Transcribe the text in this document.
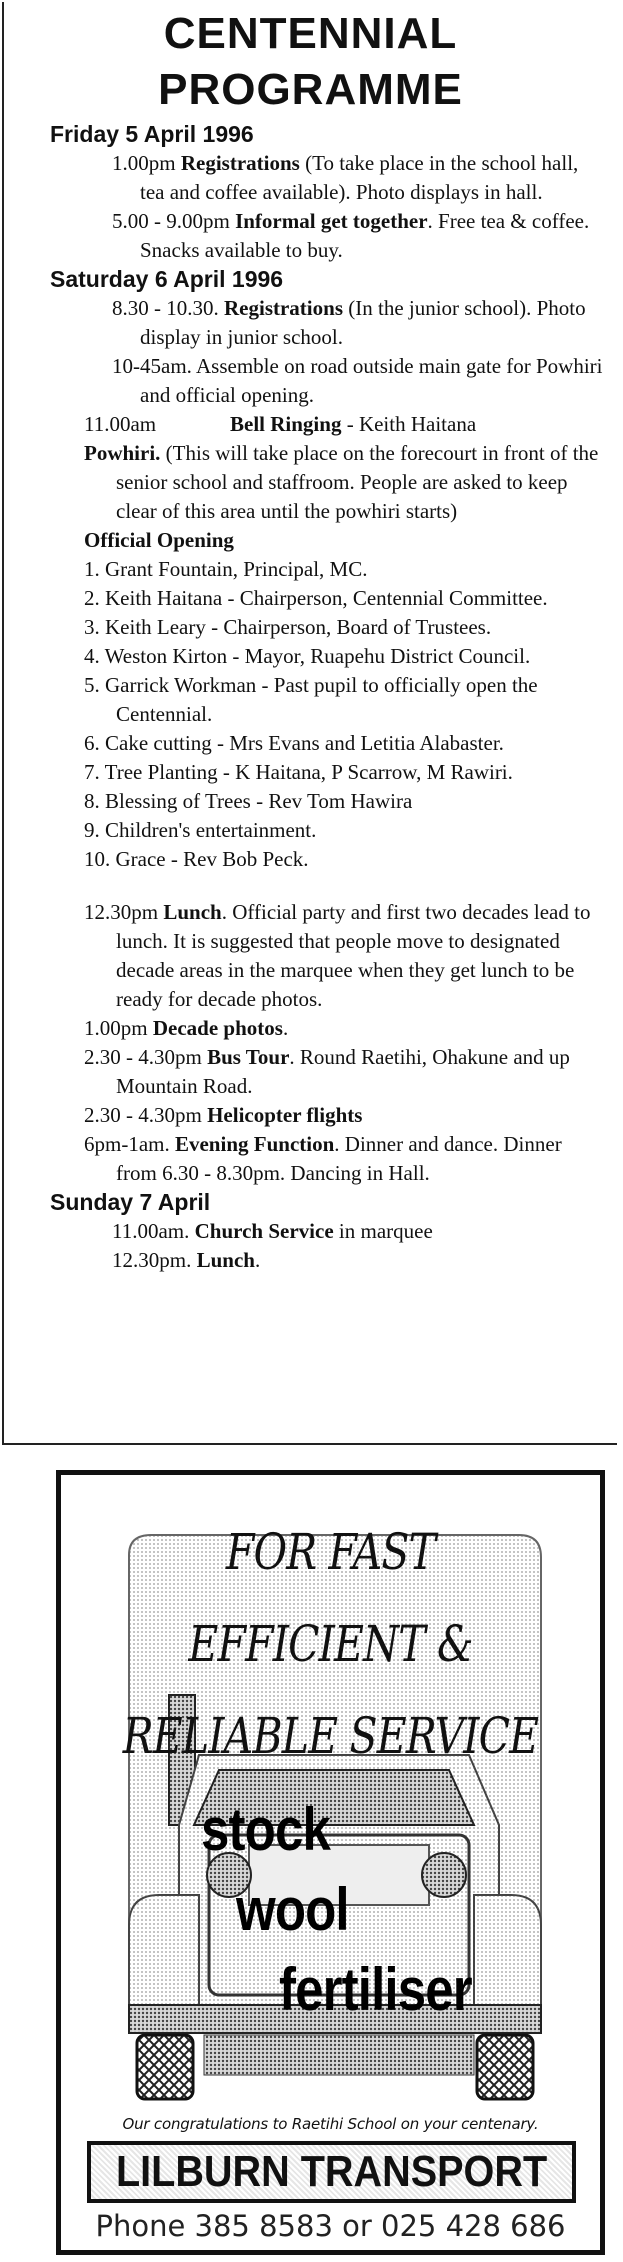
CENTENNIAL
PROGRAMME
Friday 5 April 1996
1.00pm Registrations (To take place in the school hall, tea and coffee available). Photo displays in hall.
5.00 - 9.00pm Informal get together. Free tea & coffee. Snacks available to buy.
Saturday 6 April 1996
8.30 - 10.30. Registrations (In the junior school). Photo display in junior school.
10-45am. Assemble on road outside main gate for Powhiri and official opening.
11.00am	Bell Ringing - Keith Haitana
Powhiri. (This will take place on the forecourt in front of the senior school and staffroom. People are asked to keep clear of this area until the powhiri starts)
Official Opening
1. Grant Fountain, Principal, MC.
2. Keith Haitana - Chairperson, Centennial Committee.
3. Keith Leary - Chairperson, Board of Trustees.
4. Weston Kirton - Mayor, Ruapehu District Council.
5. Garrick Workman - Past pupil to officially open the Centennial.
6. Cake cutting - Mrs Evans and Letitia Alabaster.
7. Tree Planting - K Haitana, P Scarrow, M Rawiri.
8. Blessing of Trees - Rev Tom Hawira
9. Children's entertainment.
10. Grace - Rev Bob Peck.
12.30pm Lunch. Official party and first two decades lead to lunch. It is suggested that people move to designated decade areas in the marquee when they get lunch to be ready for decade photos.
1.00pm Decade photos.
2.30 - 4.30pm Bus Tour. Round Raetihi, Ohakune and up Mountain Road.
2.30 - 4.30pm Helicopter flights
6pm-1am. Evening Function. Dinner and dance. Dinner from 6.30 - 8.30pm. Dancing in Hall.
Sunday 7 April
11.00am. Church Service in marquee
12.30pm. Lunch.
FOR FAST
EFFICIENT &
RELIABLE SERVICE
stock
wool
fertiliser
Our congratulations to Raetihi School on your centenary.
LILBURN TRANSPORT
Phone 385 8583 or 025 428 686
